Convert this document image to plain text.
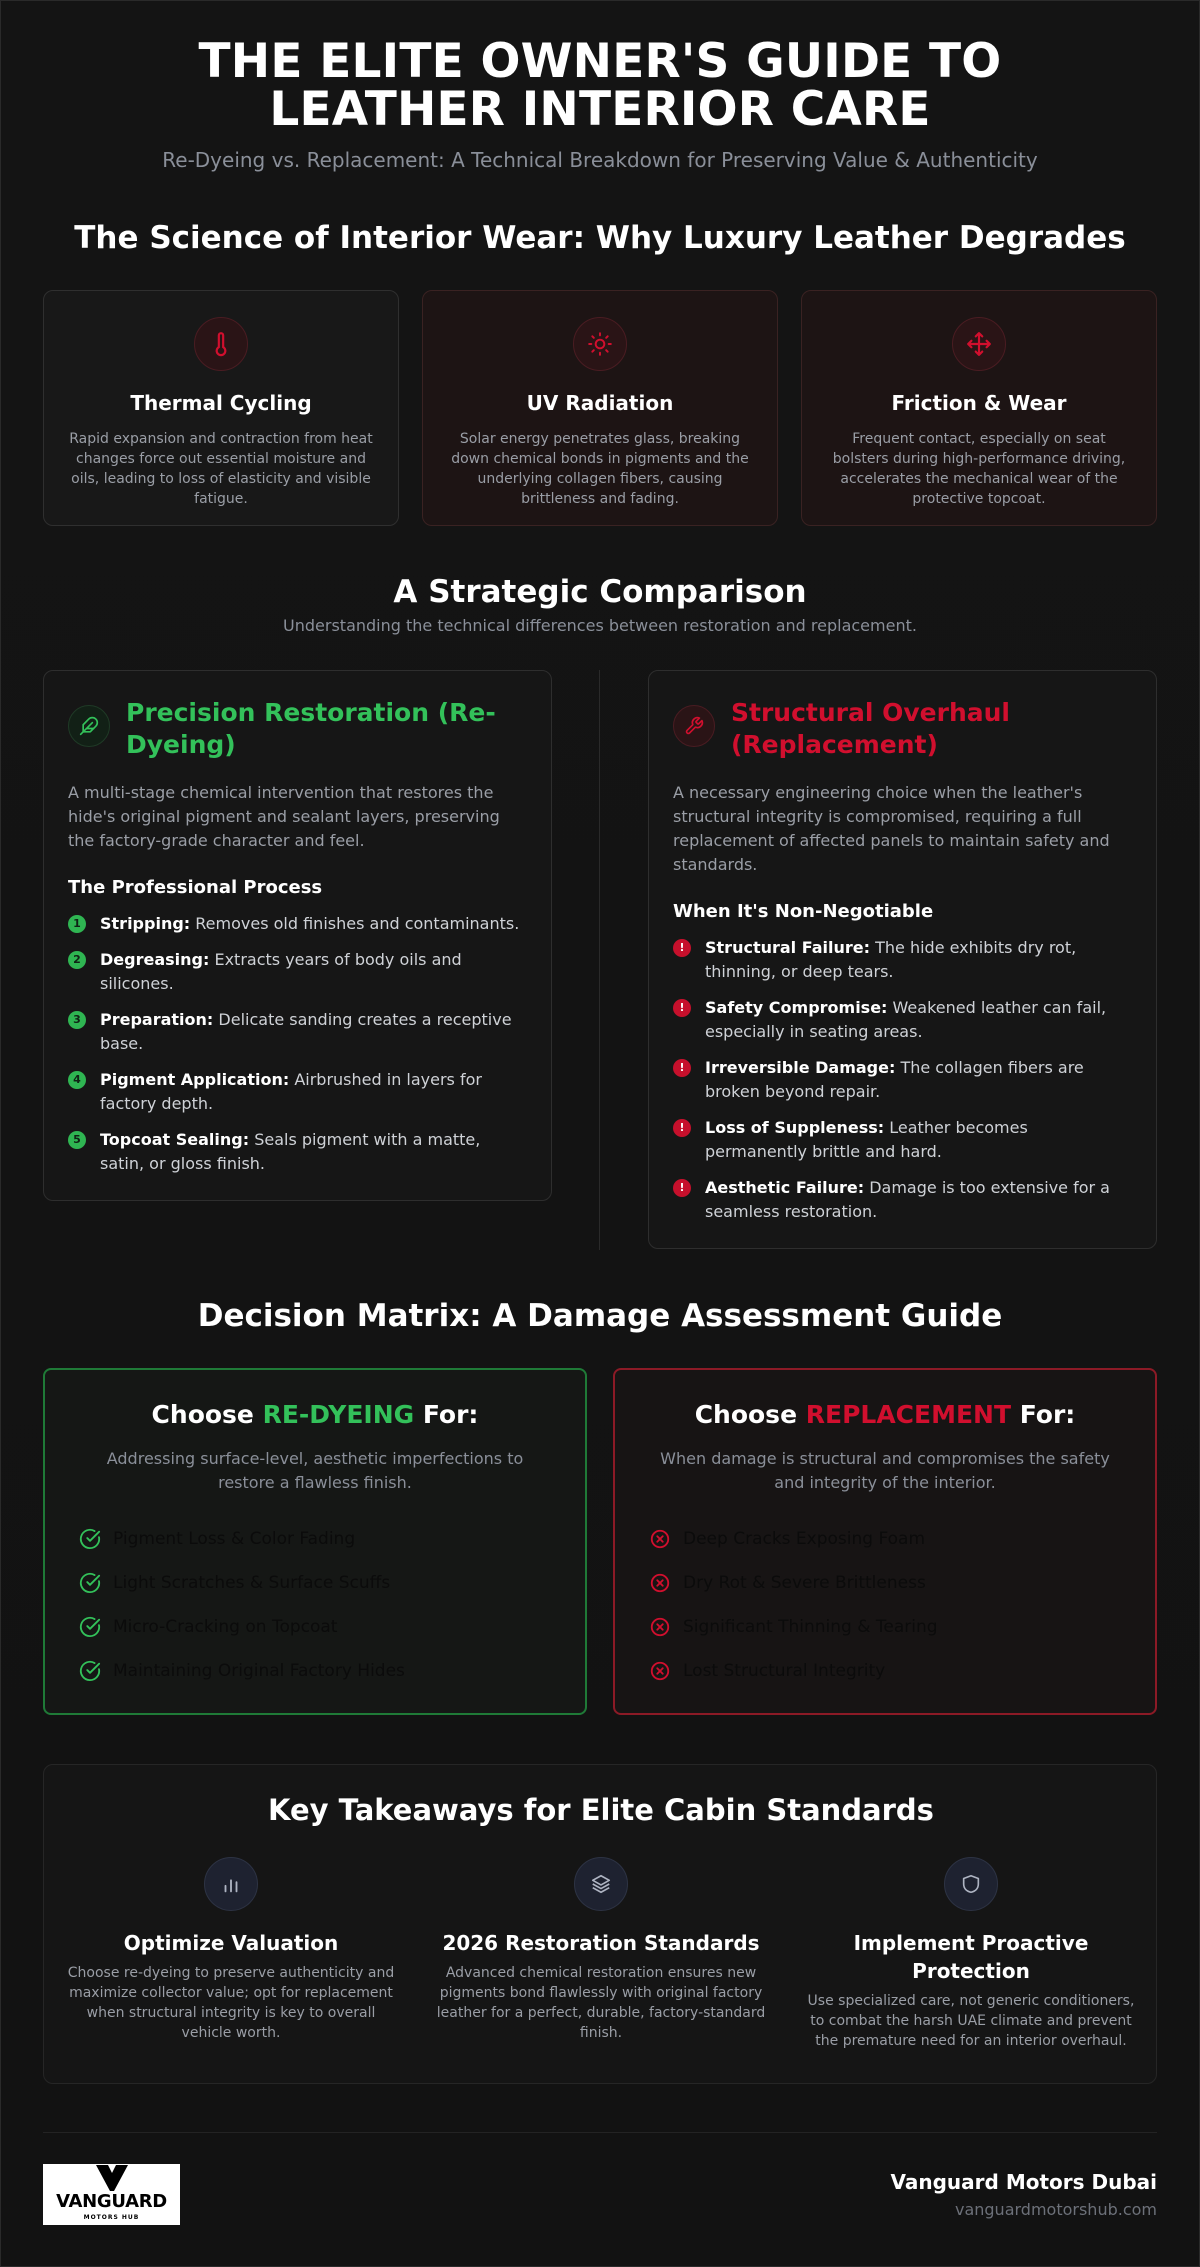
THE ELITE OWNER'S GUIDE TO LEATHER INTERIOR CARE
Re-Dyeing vs. Replacement: A Technical Breakdown for Preserving Value & Authenticity
The Science of Interior Wear: Why Luxury Leather Degrades
Thermal Cycling
Rapid expansion and contraction from heat changes force out essential moisture and oils, leading to loss of elasticity and visible fatigue.
UV Radiation
Solar energy penetrates glass, breaking down chemical bonds in pigments and the underlying collagen fibers, causing brittleness and fading.
Friction & Wear
Frequent contact, especially on seat bolsters during high-performance driving, accelerates the mechanical wear of the protective topcoat.
A Strategic Comparison
Understanding the technical differences between restoration and replacement.
Precision Restoration (Re-Dyeing)
A multi-stage chemical intervention that restores the hide's original pigment and sealant layers, preserving the factory-grade character and feel.
The Professional Process
1	Stripping: Removes old finishes and contaminants.
2	Degreasing: Extracts years of body oils and silicones.
3	Preparation: Delicate sanding creates a receptive base.
4	Pigment Application: Airbrushed in layers for factory depth.
5	Topcoat Sealing: Seals pigment with a matte, satin, or gloss finish.
Structural Overhaul (Replacement)
A necessary engineering choice when the leather's structural integrity is compromised, requiring a full replacement of affected panels to maintain safety and standards.
When It's Non-Negotiable
!	Structural Failure: The hide exhibits dry rot, thinning, or deep tears.
!	Safety Compromise: Weakened leather can fail, especially in seating areas.
!	Irreversible Damage: The collagen fibers are broken beyond repair.
!	Loss of Suppleness: Leather becomes permanently brittle and hard.
!	Aesthetic Failure: Damage is too extensive for a seamless restoration.
Decision Matrix: A Damage Assessment Guide
Choose RE-DYEING For:
Addressing surface-level, aesthetic imperfections to restore a flawless finish.
Pigment Loss & Color Fading
Light Scratches & Surface Scuffs
Micro-Cracking on Topcoat
Maintaining Original Factory Hides
Choose REPLACEMENT For:
When damage is structural and compromises the safety and integrity of the interior.
Deep Cracks Exposing Foam
Dry Rot & Severe Brittleness
Significant Thinning & Tearing
Lost Structural Integrity
Key Takeaways for Elite Cabin Standards
Optimize Valuation
Choose re-dyeing to preserve authenticity and maximize collector value; opt for replacement when structural integrity is key to overall vehicle worth.
2026 Restoration Standards
Advanced chemical restoration ensures new pigments bond flawlessly with original factory leather for a perfect, durable, factory-standard finish.
Implement Proactive Protection
Use specialized care, not generic conditioners, to combat the harsh UAE climate and prevent the premature need for an interior overhaul.
VANGUARD
MOTORS HUB
Vanguard Motors Dubai
vanguardmotorshub.com
